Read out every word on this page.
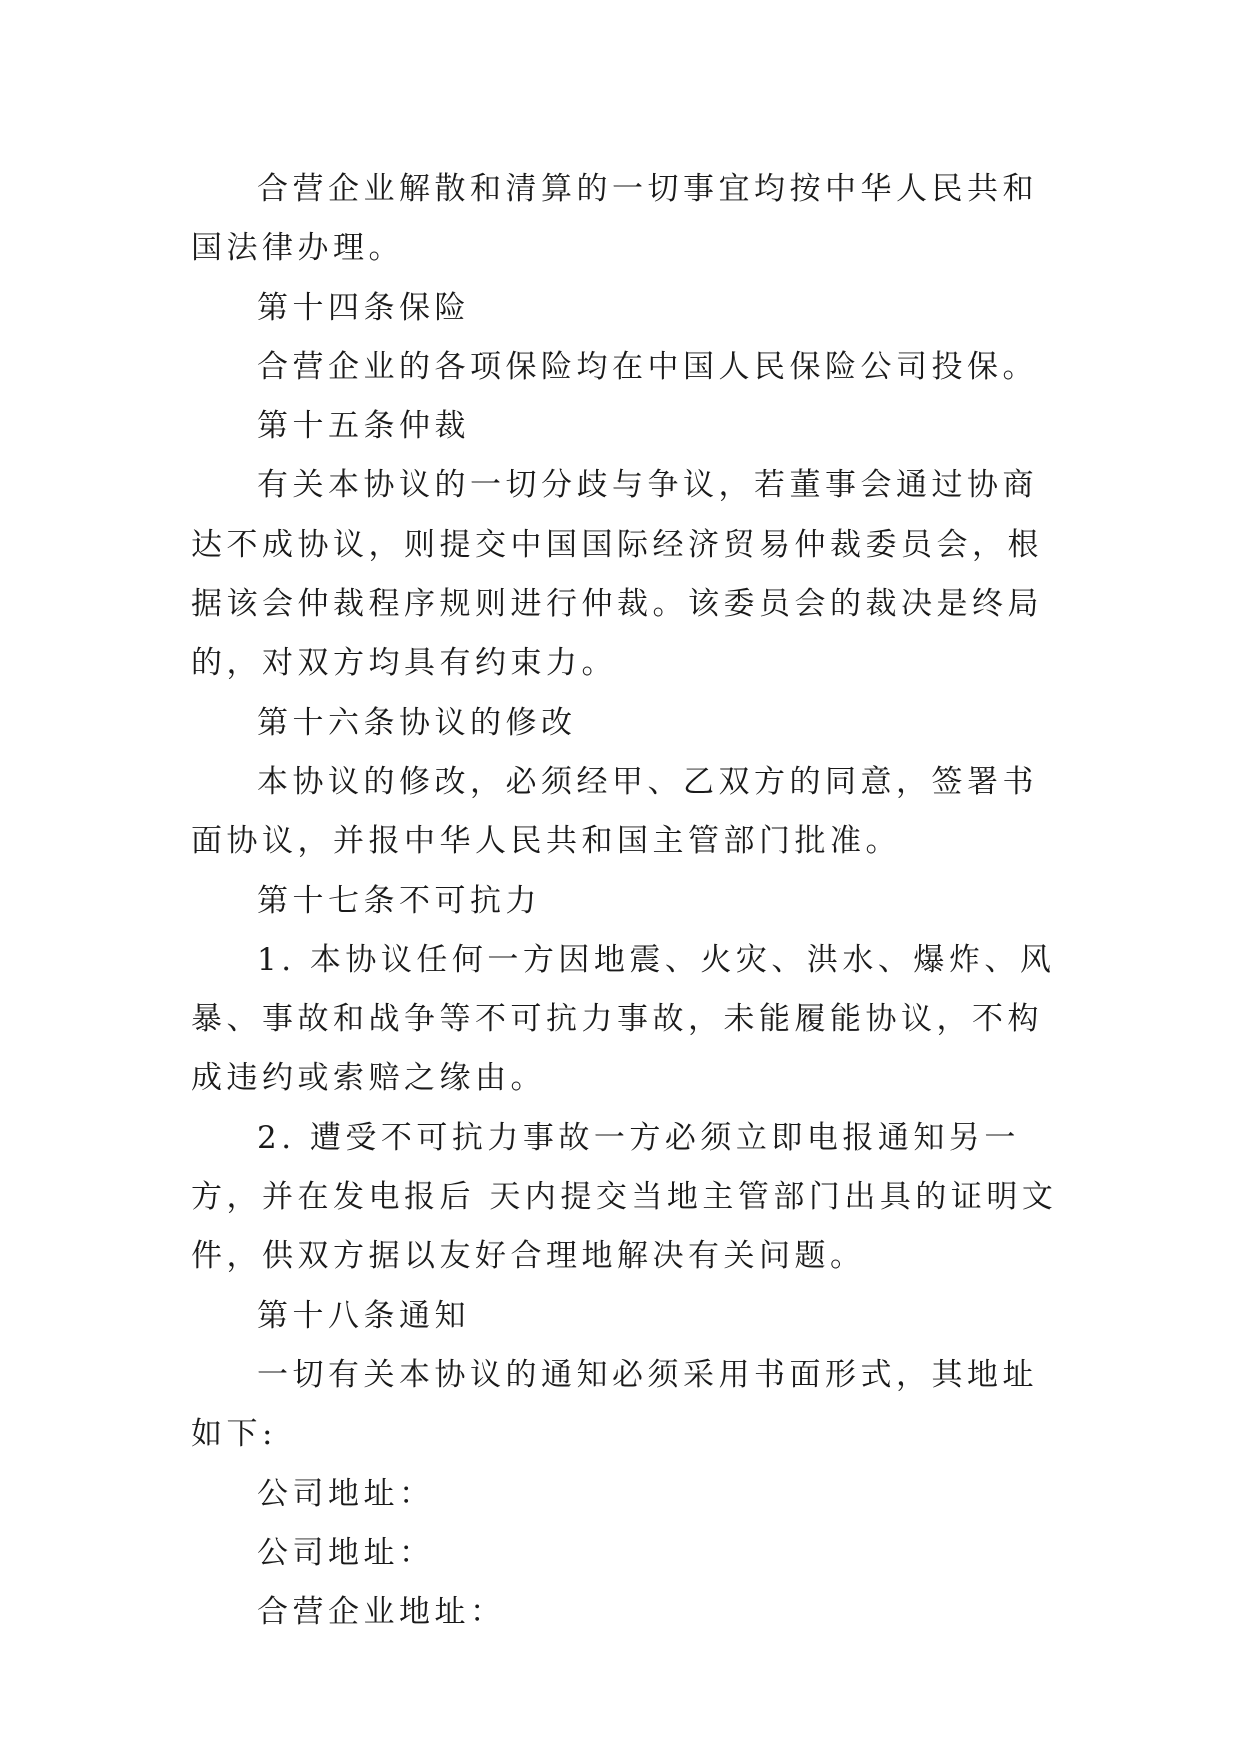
合营企业解散和清算的一切事宜均按中华人民共和国法律办理。

第十四条保险

合营企业的各项保险均在中国人民保险公司投保。

第十五条仲裁

有关本协议的一切分歧与争议，若董事会通过协商达不成协议，则提交中国国际经济贸易仲裁委员会，根据该会仲裁程序规则进行仲裁。该委员会的裁决是终局的，对双方均具有约束力。

第十六条协议的修改

本协议的修改，必须经甲、乙双方的同意，签署书面协议，并报中华人民共和国主管部门批准。

第十七条不可抗力

1. 本协议任何一方因地震、火灾、洪水、爆炸、风暴、事故和战争等不可抗力事故，未能履能协议，不构成违约或索赔之缘由。

2. 遭受不可抗力事故一方必须立即电报通知另一方，并在发电报后 天内提交当地主管部门出具的证明文件，供双方据以友好合理地解决有关问题。

第十八条通知

一切有关本协议的通知必须采用书面形式，其地址如下:

公司地址：

公司地址：

合营企业地址：
